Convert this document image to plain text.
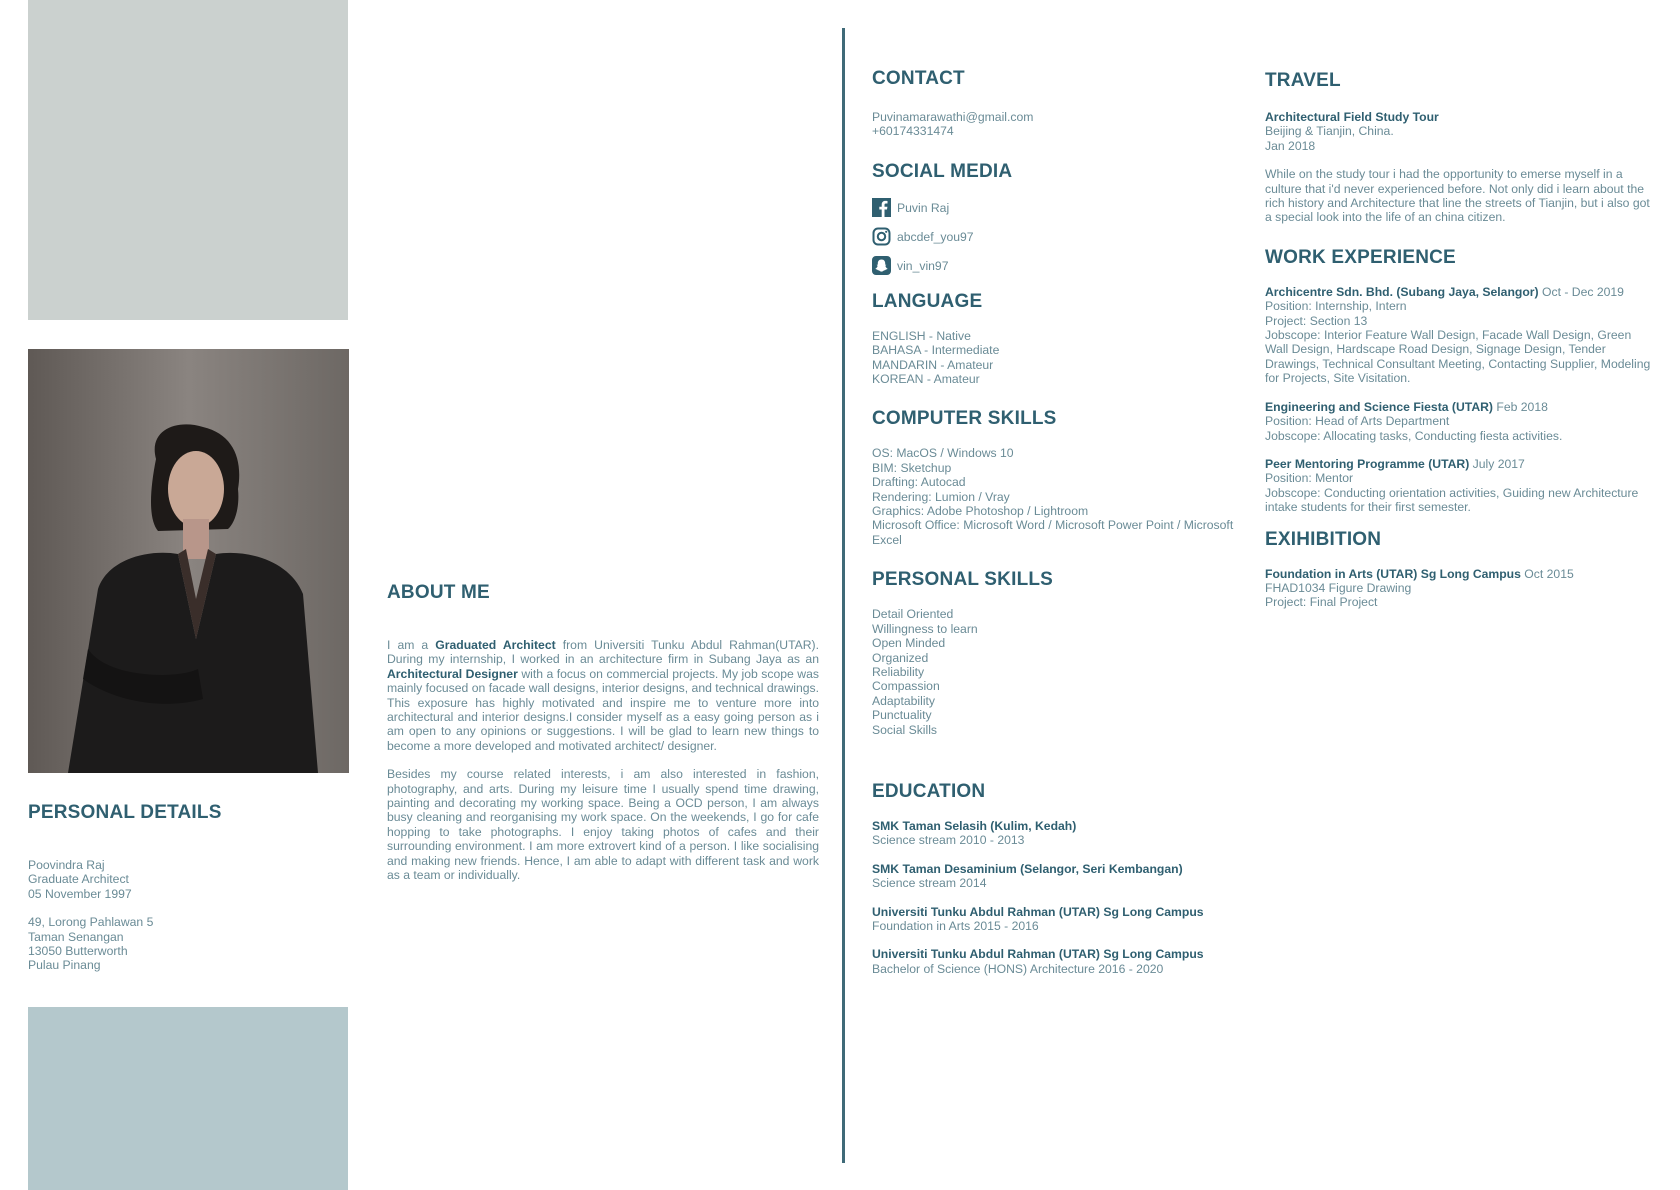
PERSONAL DETAILS

Poovindra Raj

Graduate Architect

05 November 1997

49, Lorong Pahlawan 5

Taman Senangan

13050 Butterworth

Pulau Pinang

ABOUT ME

I am a Graduated Architect from Universiti Tunku Abdul Rahman(UTAR). During my internship, I worked in an architecture firm in Subang Jaya as an Architectural Designer with a focus on commercial projects. My job scope was mainly focused on facade wall designs, interior designs, and technical drawings. This exposure has highly motivated and inspire me to venture more into architectural and interior designs.I consider myself as a easy going person as i am open to any opinions or suggestions. I will be glad to learn new things to become a more developed and motivated architect/ designer.

Besides my course related interests, i am also interested in fashion, photography, and arts. During my leisure time I usually spend time drawing, painting and decorating my working space. Being a OCD person, I am always busy cleaning and reorganising my work space. On the weekends, I go for cafe hopping to take photographs. I enjoy taking photos of cafes and their surrounding environment. I am more extrovert kind of a person. I like socialising and making new friends. Hence, I am able to adapt with different task and work as a team or individually.

CONTACT

Puvinamarawathi@gmail.com

+60174331474

SOCIAL MEDIA
Puvin Raj
abcdef_you97
vin_vin97
LANGUAGE

ENGLISH - Native

BAHASA - Intermediate

MANDARIN - Amateur

KOREAN - Amateur

COMPUTER SKILLS

OS: MacOS / Windows 10

BIM: Sketchup

Drafting: Autocad

Rendering: Lumion / Vray

Graphics: Adobe Photoshop / Lightroom

Microsoft Office: Microsoft Word / Microsoft Power Point / Microsoft Excel

PERSONAL SKILLS

Detail Oriented

Willingness to learn

Open Minded

Organized

Reliability

Compassion

Adaptability

Punctuality

Social Skills

EDUCATION

SMK Taman Selasih (Kulim, Kedah)

Science stream 2010 - 2013

SMK Taman Desaminium (Selangor, Seri Kembangan)

Science stream 2014

Universiti Tunku Abdul Rahman (UTAR) Sg Long Campus

Foundation in Arts 2015 - 2016

Universiti Tunku Abdul Rahman (UTAR) Sg Long Campus

Bachelor of Science (HONS) Architecture 2016 - 2020

TRAVEL

Architectural Field Study Tour

Beijing & Tianjin, China.

Jan 2018

While on the study tour i had the opportunity to emerse myself in a culture that i'd never experienced before. Not only did i learn about the rich history and Architecture that line the streets of Tianjin, but i also got a special look into the life of an china citizen.

WORK EXPERIENCE

Archicentre Sdn. Bhd. (Subang Jaya, Selangor) Oct - Dec 2019

Position: Internship, Intern

Project: Section 13

Jobscope: Interior Feature Wall Design, Facade Wall Design, Green Wall Design, Hardscape Road Design, Signage Design, Tender Drawings, Technical Consultant Meeting, Contacting Supplier, Modeling for Projects, Site Visitation.

Engineering and Science Fiesta (UTAR) Feb 2018

Position: Head of Arts Department

Jobscope: Allocating tasks, Conducting fiesta activities.

Peer Mentoring Programme (UTAR) July 2017

Position: Mentor

Jobscope: Conducting orientation activities, Guiding new Architecture intake students for their first semester.

EXIHIBITION

Foundation in Arts (UTAR) Sg Long Campus Oct 2015

FHAD1034 Figure Drawing

Project: Final Project
